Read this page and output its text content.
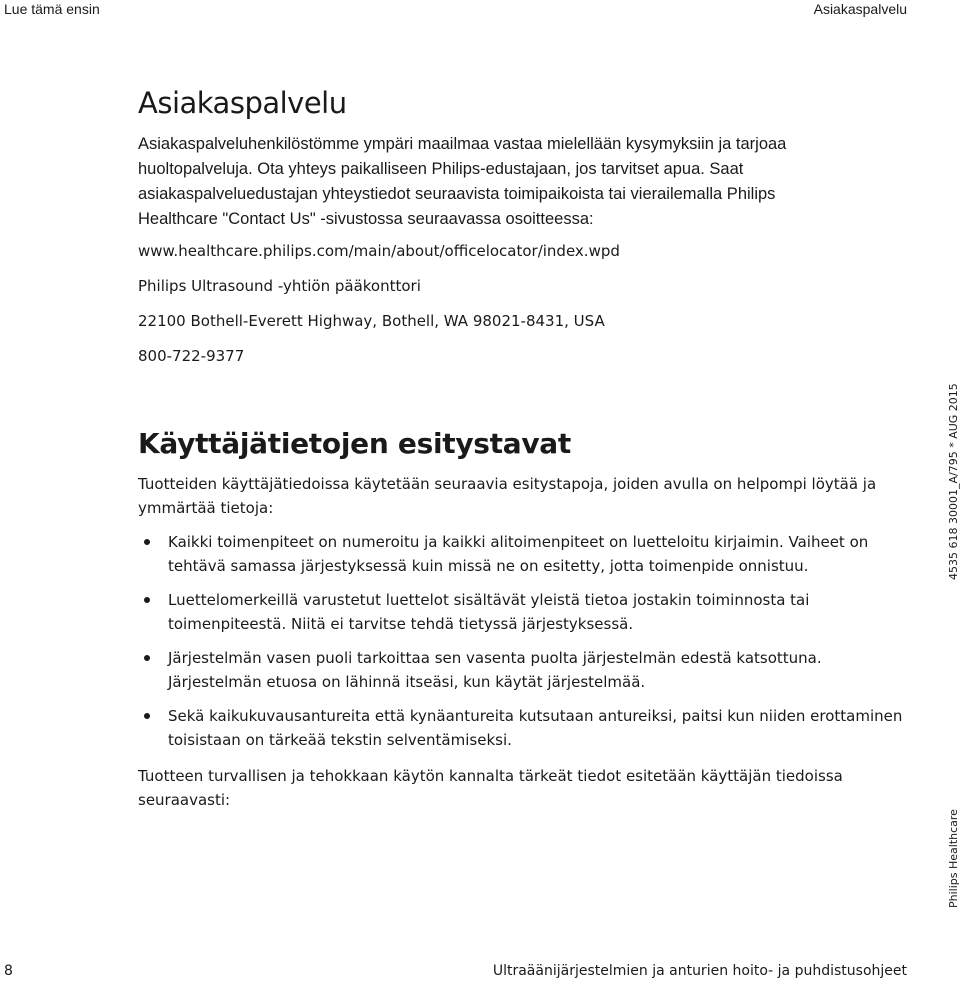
Lue tämä ensin	Asiakaspalvelu
Asiakaspalvelu

Asiakaspalveluhenkilöstömme ympäri maailmaa vastaa mielellään kysymyksiin ja tarjoaa

huoltopalveluja. Ota yhteys paikalliseen Philips-edustajaan, jos tarvitset apua. Saat

asiakaspalveluedustajan yhteystiedot seuraavista toimipaikoista tai vierailemalla Philips

Healthcare "Contact Us" -sivustossa seuraavassa osoitteessa:

www.healthcare.philips.com/main/about/officelocator/index.wpd

Philips Ultrasound -yhtiön pääkonttori

22100 Bothell-Everett Highway, Bothell, WA 98021-8431, USA

800-722-9377

Käyttäjätietojen esitystavat

Tuotteiden käyttäjätiedoissa käytetään seuraavia esitystapoja, joiden avulla on helpompi löytää ja ymmärtää tietoja:

Kaikki toimenpiteet on numeroitu ja kaikki alitoimenpiteet on luetteloitu kirjaimin. Vaiheet on tehtävä samassa järjestyksessä kuin missä ne on esitetty, jotta toimenpide onnistuu.
Luettelomerkeillä varustetut luettelot sisältävät yleistä tietoa jostakin toiminnosta tai toimenpiteestä. Niitä ei tarvitse tehdä tietyssä järjestyksessä.
Järjestelmän vasen puoli tarkoittaa sen vasenta puolta järjestelmän edestä katsottuna. Järjestelmän etuosa on lähinnä itseäsi, kun käytät järjestelmää.
Sekä kaikukuvausantureita että kynäantureita kutsutaan antureiksi, paitsi kun niiden erottaminen toisistaan on tärkeää tekstin selventämiseksi.

Tuotteen turvallisen ja tehokkaan käytön kannalta tärkeät tiedot esitetään käyttäjän tiedoissa seuraavasti:

4535 618 30001_A/795 * AUG 2015
Philips Healthcare
8	Ultraäänijärjestelmien ja anturien hoito- ja puhdistusohjeet
